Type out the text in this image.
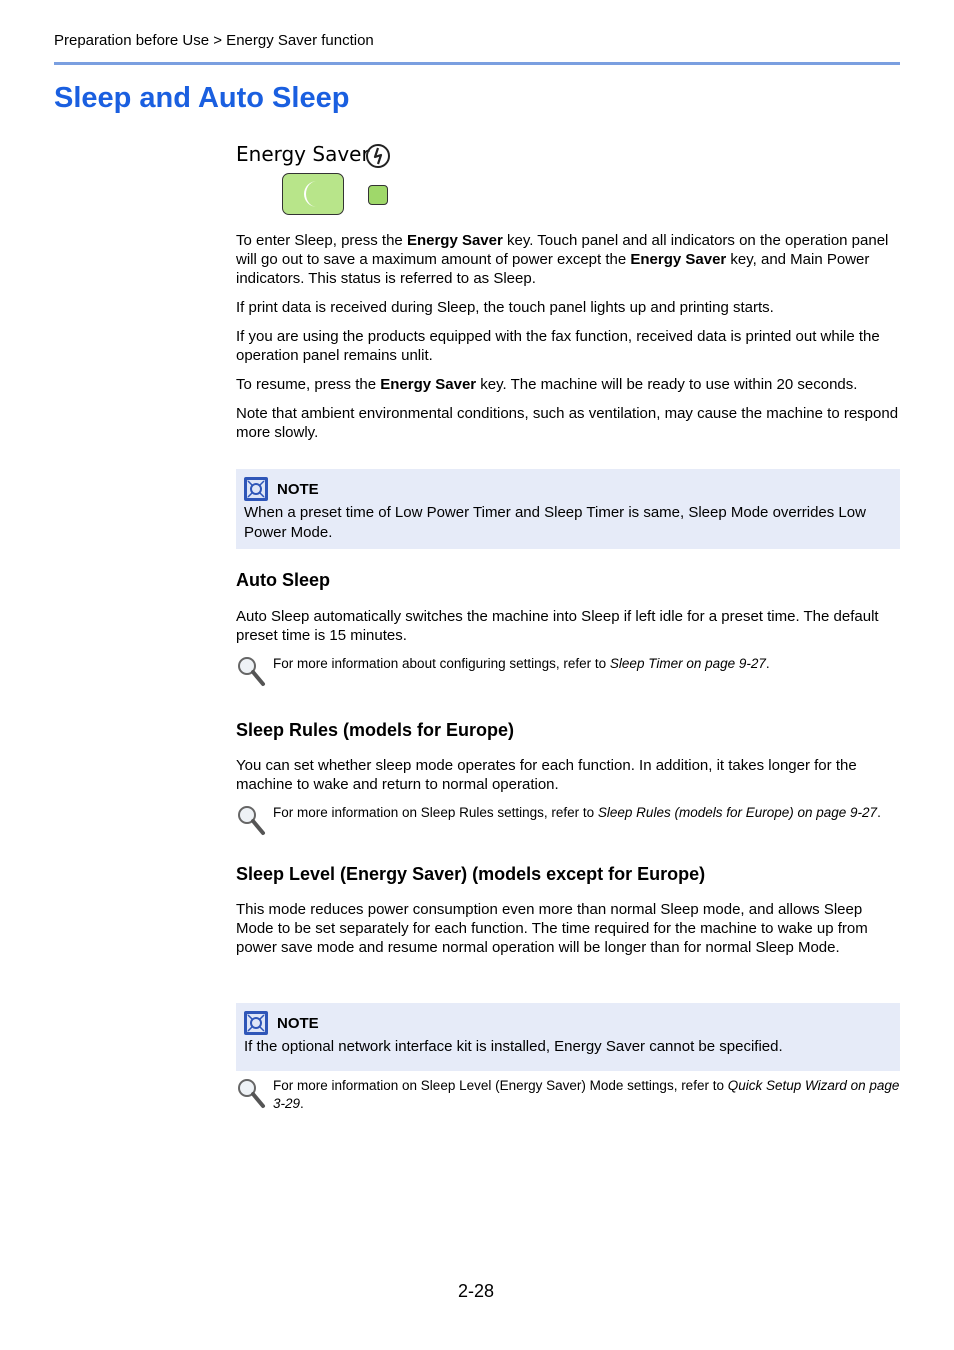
Preparation before Use > Energy Saver function
Sleep and Auto Sleep
Energy Saver

To enter Sleep, press the Energy Saver key. Touch panel and all indicators on the operation panel will go out to save a maximum amount of power except the Energy Saver key, and Main Power indicators. This status is referred to as Sleep.

If print data is received during Sleep, the touch panel lights up and printing starts.
If you are using the products equipped with the fax function, received data is printed out while the operation panel remains unlit.

To resume, press the Energy Saver key. The machine will be ready to use within 20 seconds.

Note that ambient environmental conditions, such as ventilation, may cause the machine to respond more slowly.
NOTE
When a preset time of Low Power Timer and Sleep Timer is same, Sleep Mode overrides Low Power Mode.
Auto Sleep
Auto Sleep automatically switches the machine into Sleep if left idle for a preset time. The default preset time is 15 minutes.
For more information about configuring settings, refer to Sleep Timer on page 9-27.
Sleep Rules (models for Europe)
You can set whether sleep mode operates for each function. In addition, it takes longer for the machine to wake and return to normal operation.
For more information on Sleep Rules settings, refer to Sleep Rules (models for Europe) on page 9-27.
Sleep Level (Energy Saver) (models except for Europe)
This mode reduces power consumption even more than normal Sleep mode, and allows Sleep Mode to be set separately for each function. The time required for the machine to wake up from power save mode and resume normal operation will be longer than for normal Sleep Mode.
NOTE
If the optional network interface kit is installed, Energy Saver cannot be specified.
For more information on Sleep Level (Energy Saver) Mode settings, refer to Quick Setup Wizard on page 3-29.
2-28
